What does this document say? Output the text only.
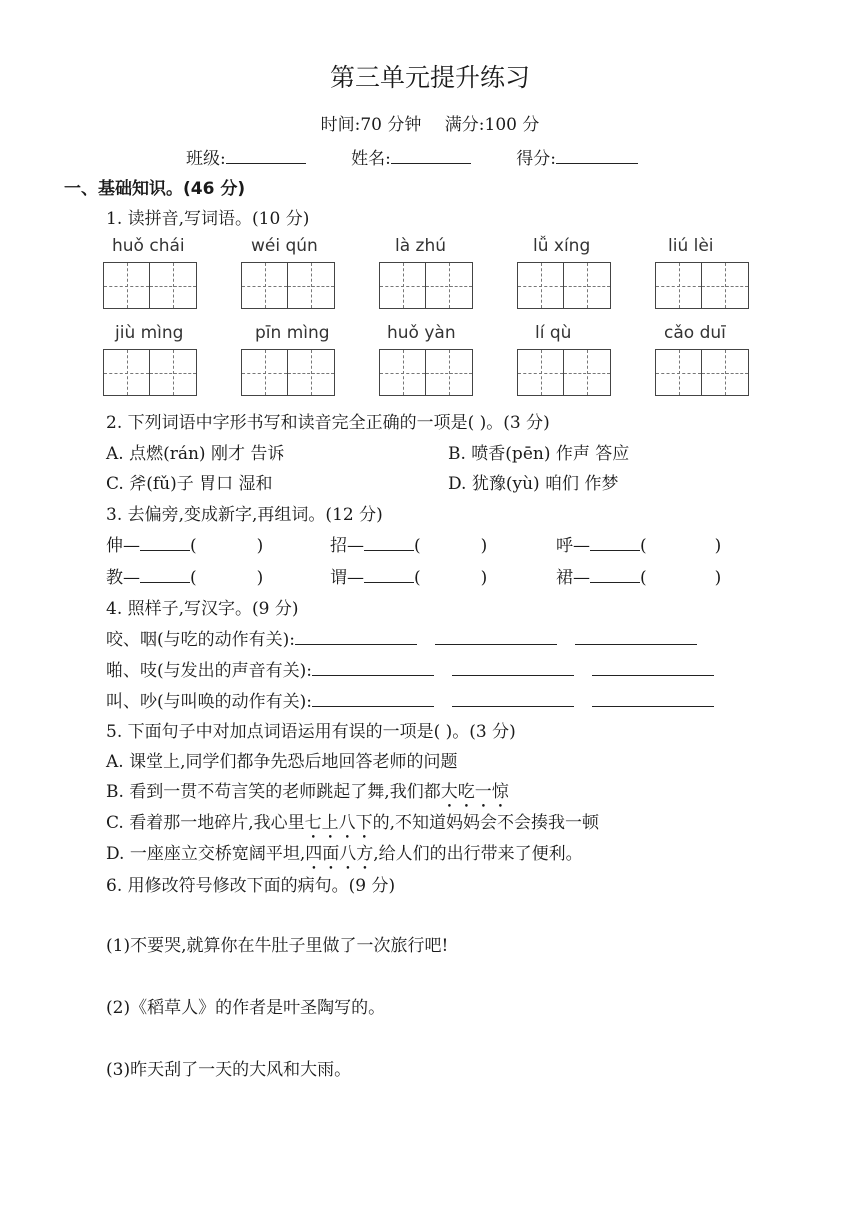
第三单元提升练习
时间:70 分钟 满分:100 分
班级:	姓名:	得分:
一、基础知识。(46 分)
1. 读拼音,写词语。(10 分)
huǒ chái	wéi qún	là zhú	lǚ xíng	liú lèi
jiù mìng	pīn mìng	huǒ yàn	lí qù	cǎo duī
2. 下列词语中字形书写和读音完全正确的一项是( )。(3 分)
A. 点燃(rán) 刚才 告诉	B. 喷香(pēn) 作声 答应
C. 斧(fǔ)子 胃口 湿和	D. 犹豫(yù) 咱们 作梦
3. 去偏旁,变成新字,再组词。(12 分)
伸—	(	)	招—	(	)	呼—	(	)
教—	(	)	谓—	(	)	裙—	(	)
4. 照样子,写汉字。(9 分)
咬、咽(与吃的动作有关):
啪、吱(与发出的声音有关):
叫、吵(与叫唤的动作有关):
5. 下面句子中对加点词语运用有误的一项是( )。(3 分)
A. 课堂上,同学们都争先恐后地回答老师的问题
B. 看到一贯不苟言笑的老师跳起了舞,我们都大吃一惊
C. 看着那一地碎片,我心里七上八下的,不知道妈妈会不会揍我一顿
D. 一座座立交桥宽阔平坦,四面八方,给人们的出行带来了便利。
6. 用修改符号修改下面的病句。(9 分)
(1)不要哭,就算你在牛肚子里做了一次旅行吧!
(2)《稻草人》的作者是叶圣陶写的。
(3)昨天刮了一天的大风和大雨。
